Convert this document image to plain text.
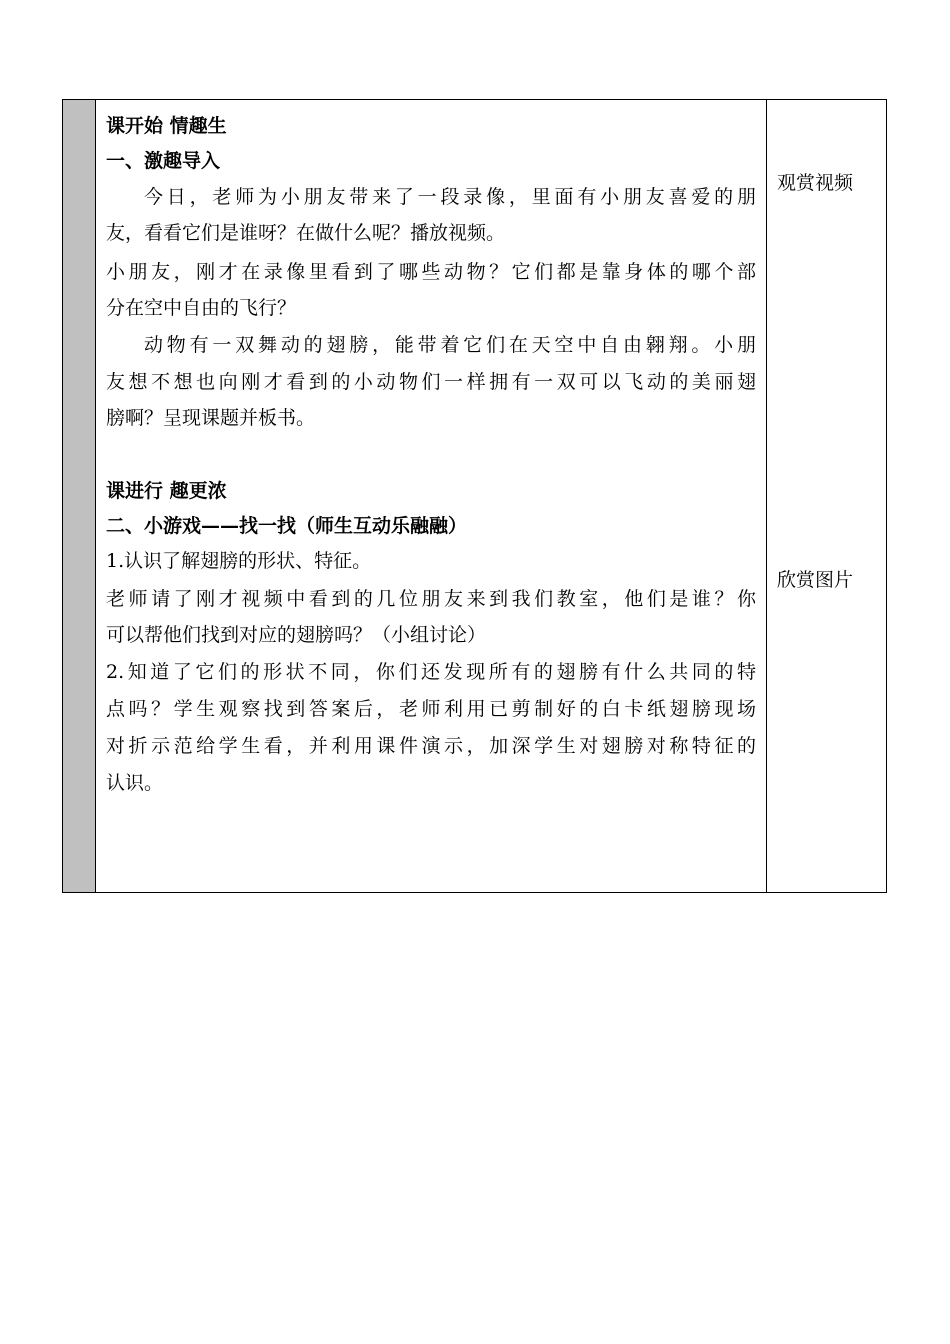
课开始 情趣生
一、激趣导入
今日，老师为小朋友带来了一段录像，里面有小朋友喜爱的朋
友，看看它们是谁呀？在做什么呢？播放视频。
小朋友，刚才在录像里看到了哪些动物？它们都是靠身体的哪个部
分在空中自由的飞行？
动物有一双舞动的翅膀，能带着它们在天空中自由翱翔。小朋
友想不想也向刚才看到的小动物们一样拥有一双可以飞动的美丽翅
膀啊？呈现课题并板书。
课进行 趣更浓
二、小游戏——找一找（师生互动乐融融）
1.认识了解翅膀的形状、特征。
老师请了刚才视频中看到的几位朋友来到我们教室，他们是谁？你
可以帮他们找到对应的翅膀吗？（小组讨论）
2.知道了它们的形状不同，你们还发现所有的翅膀有什么共同的特
点吗？学生观察找到答案后，老师利用已剪制好的白卡纸翅膀现场
对折示范给学生看，并利用课件演示，加深学生对翅膀对称特征的
认识。
观赏视频
欣赏图片
